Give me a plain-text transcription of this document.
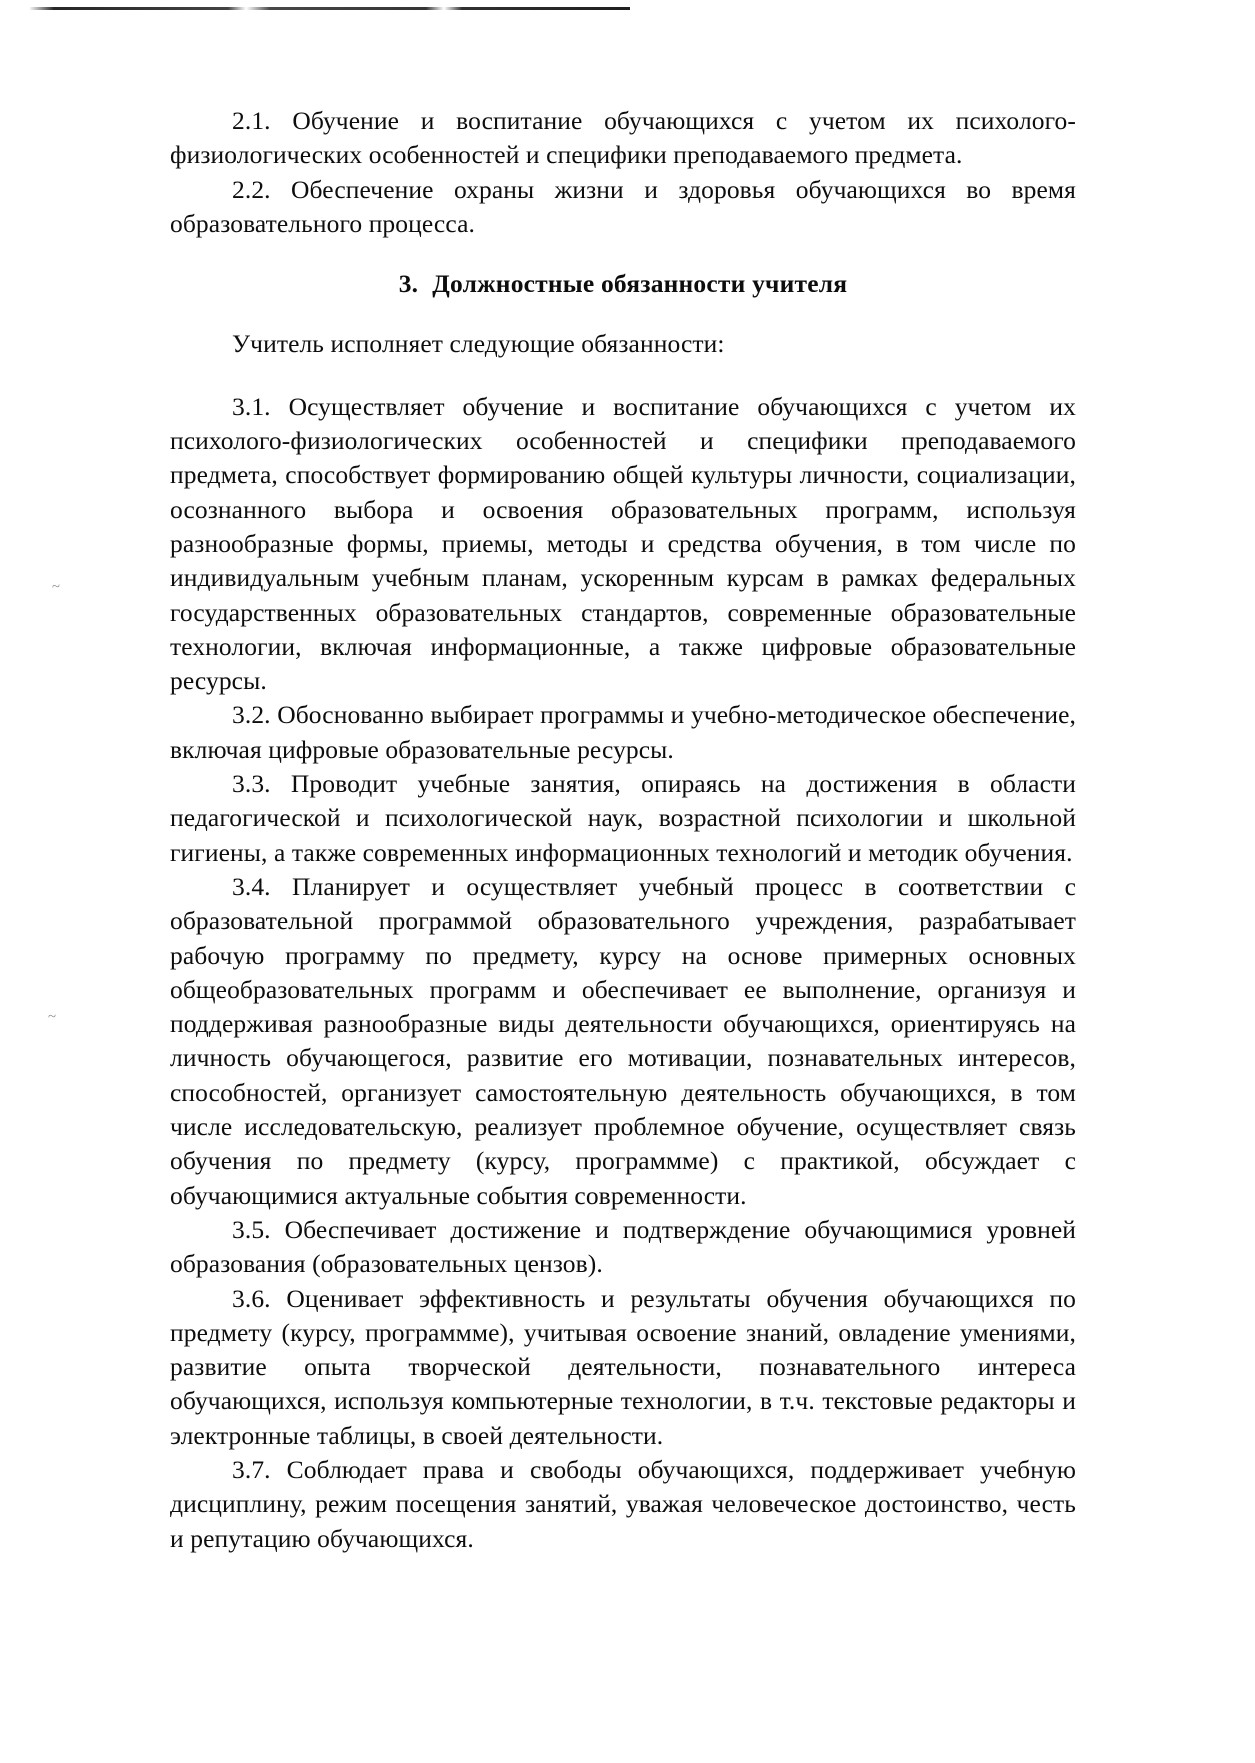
~
~

2.1. Обучение и воспитание обучающихся с учетом их психолого-физиологических особенностей и специфики преподаваемого предмета.

2.2. Обеспечение охраны жизни и здоровья обучающихся во время образовательного процесса.

3. Должностные обязанности учителя

Учитель исполняет следующие обязанности:

3.1. Осуществляет обучение и воспитание обучающихся с учетом их психолого-физиологических особенностей и специфики преподаваемого предмета, способствует формированию общей культуры личности, социализации, осознанного выбора и освоения образовательных программ, используя разнообразные формы, приемы, методы и средства обучения, в том числе по индивидуальным учебным планам, ускоренным курсам в рамках федеральных государственных образовательных стандартов, современные образовательные технологии, включая информационные, а также цифровые образовательные ресурсы.

3.2. Обоснованно выбирает программы и учебно-методическое обеспечение, включая цифровые образовательные ресурсы.

3.3. Проводит учебные занятия, опираясь на достижения в области педагогической и психологической наук, возрастной психологии и школьной гигиены, а также современных информационных технологий и методик обучения.

3.4. Планирует и осуществляет учебный процесс в соответствии с образовательной программой образовательного учреждения, разрабатывает рабочую программу по предмету, курсу на основе примерных основных общеобразовательных программ и обеспечивает ее выполнение, организуя и поддерживая разнообразные виды деятельности обучающихся, ориентируясь на личность обучающегося, развитие его мотивации, познавательных интересов, способностей, организует самостоятельную деятельность обучающихся, в том числе исследовательскую, реализует проблемное обучение, осуществляет связь обучения по предмету (курсу, программме) с практикой, обсуждает с обучающимися актуальные события современности.

3.5. Обеспечивает достижение и подтверждение обучающимися уровней образования (образовательных цензов).

3.6. Оценивает эффективность и результаты обучения обучающихся по предмету (курсу, программме), учитывая освоение знаний, овладение умениями, развитие опыта творческой деятельности, познавательного интереса обучающихся, используя компьютерные технологии, в т.ч. текстовые редакторы и электронные таблицы, в своей деятельности.

3.7. Соблюдает права и свободы обучающихся, поддерживает учебную дисциплину, режим посещения занятий, уважая человеческое достоинство, честь и репутацию обучающихся.
